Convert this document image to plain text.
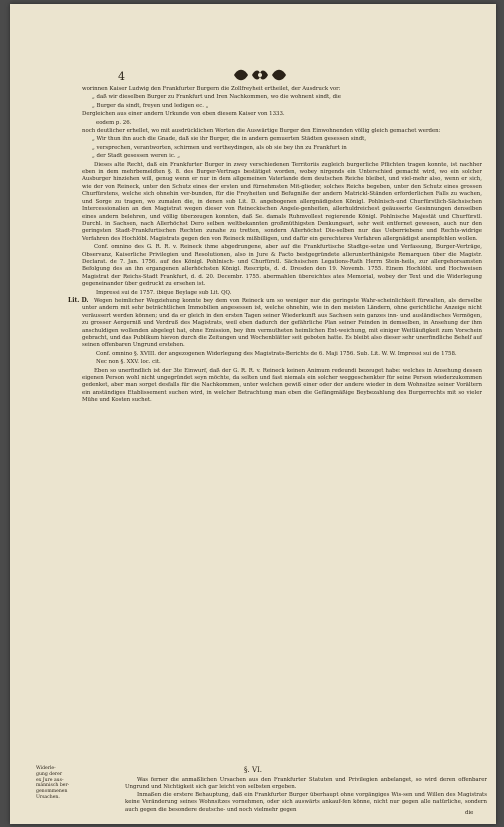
4

worinnen Kaiser Ludwig den Frankfurter Burgern die Zollfreyheit ertheilet, der Ausdruck vor:

„ daß wir dieselben Burger zu Frankfurt und Iren Nachkommen, wo die wohnent sindt, die

„ Burger da sindt, freyen und ledigen ec. „

Dergleichen aus einer andern Urkunde von eben diesem Kaiser von 1333.

eodem p. 26.

noch deutlicher erhellet, wo mit ausdrücklichen Worten die Auswärtige Burger den Einwohnenden völlig gleich gemachet werden:

„ Wir thun ihn auch die Gnade, daß sie ihr Burger, die in andern gemuerten Städten gesessen sindt,

„ versprechen, verantworten, schirmen und vertheydingen, als ob sie bey ihn zu Frankfurt in

„ der Stadt gesessen weren ic. „

Dieses alte Recht, daß ein Frankfurter Burger in zwey verschiedenen Territoriis zugleich burgerliche Pflichten tragen konnte, ist nachher eben in dem mehrbemeldten §. 8. des Burger-Vertrags bestätiget worden, wobey nirgends ein Unterschied gemacht wird, wo ein solcher Ausburger hinziehen will, genug wenn er nur in dem allgemeinen Vaterlande dem deutschen Reiche bleibet, und viel-mehr also, wenn er sich, wie der von Reineck, unter den Schutz eines der ersten und fürnehmsten Mit-glieder, solches Reichs begeben, unter den Schutz eines grossen Churfürstens, welche sich ohnehin ver-bunden, für die Freyheiten und Befugniße der andern Matrickl-Ständen erforderlichen Falls zu wachen, und Sorge zu tragen, wo zumalen die, in denen sub Lit. D. angebogenen allergnädigsten Königl. Pohlnisch-und Churfürstlich-Sächsischen Intercessionalien an den Magistrat wegen dieser von Reineckischen Angele-genheiten, allerhuldreichest geäusserte Gesinnungen denselben eines andern belehren, und völlig überzeugen konnten, daß Se. damals Ruhmvollest regierende Königl. Pohlnische Majestät und Churfürstl. Durchl. in Sachsen, nach Allerhöchst Dero selben weltbekannten großmüthigsten Denkungsart, sehr weit entfernet gewesen, auch nur den geringsten Stadt-Frankfurtischen Rechten zunahe zu tretten, sondern Allerhöchst Die-selben nur das Ueberriebene und Rechts-widrige Verfahren des Hochlöbl. Magistrats gegen den von Reineck mißbilligen, und dafür ein gerechteres Verfahren allergnädigst anempfehlen wollen.

Conf. omnino des G. R. R. v. Reineck ihme abgedrungene, aber auf die Frankfurtische Stadtge-setze und Verfassung, Burger-Verträge, Observanz, Kaiserliche Privilegien und Resolutionen, also in Jure & Facto bestgegründete allerunterthänigste Remarquen über die Magistr. Declarat. de 7. Jan. 1756. auf des Königl. Pohlnisch- und Churfürstl. Sächsischen Legations-Rath Herrn Stein-heils, zur allergehorsamsten Befolgung des an ihn ergangenen allerhöchsten Königl. Rescripts, d. d. Dresden den 19. Novemb. 1755. Einem Hochlöbl. und Hochweisen Magistrat der Reichs-Stadt Frankfurt, d. d. 20. Decembr. 1755. abermahlen übereichtes ates Memorial, wobey der Text und die Widerlegung gegeneinander über gedruckt zu ersehen ist.

Impressi sui de 1757. ibique Beylage sub Lit. QQ.

Wegen heimlicher Wegziehung konnte bey dem von Reineck um so weniger nur die geringste Wahr-scheinlichkeit fürwalten, als derselbe unter andern mit sehr beträchtlichen Immobilien angesessen ist, welche ohnehin, wie in den meisten Ländern, ohne gerichtliche Anzeige nicht veräussert werden können; und da er gleich in den ersten Tagen seiner Wiederkunft aus Sachsen sein ganzes inn- und ausländisches Vermögen, zu grosser Aergerniß und Verdruß des Magistrats, weil eben dadurch der gefährliche Plan seiner Feinden in demselben, in Ansehung der ihm anschuldigen wollenden abgelegt hat, ohne Emission, bey ihm vermutheten heimlichen Ent-weichung, mit einiger Weitläufigkeit zum Vorschein gebracht, und das Publikum hievon durch die Zeitungen und Wochenblätter seit geboten hatte. Es bleibt also dieser sehr unerfindliche Behelf auf seinen offenbaren Ungrund erstehen.

Conf. omnino §. XVIII. der angezogenen Widerlegung des Magistrats-Berichts de 6. Maji 1756. Sub. Lit. W. W. Impressi sui de 1758.

Nec non §. XXV. loc. cit.

Eben so unerfindlich ist der 3te Einwurf, daß der G. R. R. v. Reineck keinen Animum redeundi bezeuget habe: welches in Ansehung dessen eigenen Person wohl nicht ungegründet seyn möchte, da selten und fast niemals ein solcher weggeschenkter für seine Person wiederzukommen gedenket, aber man sorget desfalls für die Nachkommen, unter welchen gewiß einer oder der andere wieder in dem Wohnsitze seiner Vorältern ein anständiges Etablissement suchen wird, in welcher Betrachtung man eben die Gefängmäßige Beybezahlung des Burgerrechts mit so vieler Mühe und Kosten suchet.

Lit. D.
§. VI.
Widerle-
gung derer
ex Jure aus-
männisch ber-
genommenen
Ursachen.

Was ferner die anmaßlichen Ursachen aus den Frankfurter Statuten und Privilegien anbelanget, so wird deren offenbarer Ungrund und Nichtigkeit sich gar leicht von selbsten ergeben.

Inmaßen die erstere Behauptung, daß ein Frankfurter Burger überhaupt ohne vorgängiges Wis-sen und Willen des Magistrats keine Veränderung seines Wohnsitzes vornehmen, oder sich auswärts ankauf-fen könne, nicht nur gegen alle natürliche, sondern auch gegen die besondere deutsche- und noch vielmehr gegen

die
